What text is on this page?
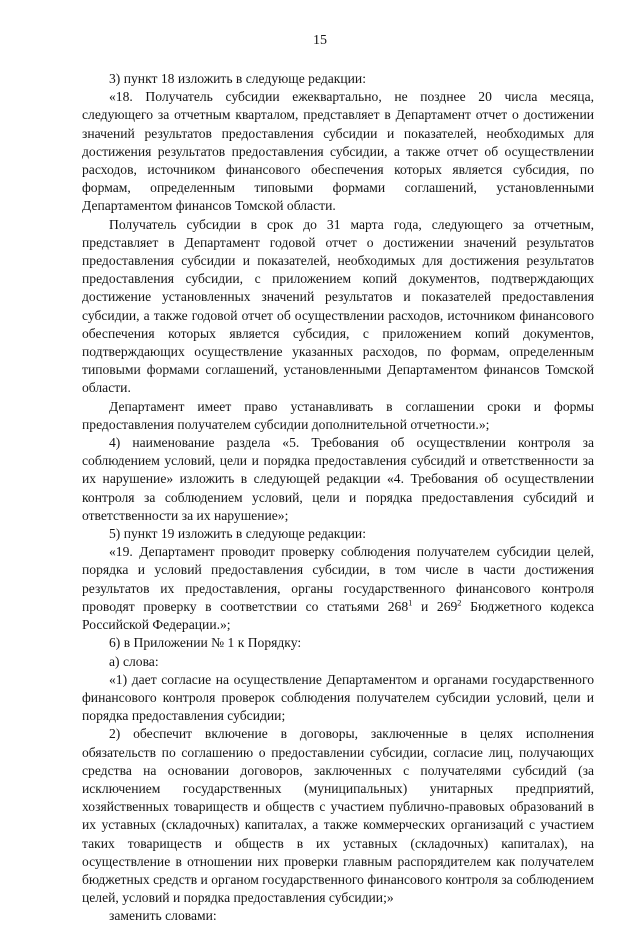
15

3) пункт 18 изложить в следующе редакции:

«18. Получатель субсидии ежеквартально, не позднее 20 числа месяца, следующего за отчетным кварталом, представляет в Департамент отчет о достижении значений результатов предоставления субсидии и показателей, необходимых для достижения результатов предоставления субсидии, а также отчет об осуществлении расходов, источником финансового обеспечения которых является субсидия, по формам, определенным типовыми формами соглашений, установленными Департаментом финансов Томской области.

Получатель субсидии в срок до 31 марта года, следующего за отчетным, представляет в Департамент годовой отчет о достижении значений результатов предоставления субсидии и показателей, необходимых для достижения результатов предоставления субсидии, с приложением копий документов, подтверждающих достижение установленных значений результатов и показателей предоставления субсидии, а также годовой отчет об осуществлении расходов, источником финансового обеспечения которых является субсидия, с приложением копий документов, подтверждающих осуществление указанных расходов, по формам, определенным типовыми формами соглашений, установленными Департаментом финансов Томской области.

Департамент имеет право устанавливать в соглашении сроки и формы предоставления получателем субсидии дополнительной отчетности.»;

4) наименование раздела «5. Требования об осуществлении контроля за соблюдением условий, цели и порядка предоставления субсидий и ответственности за их нарушение» изложить в следующей редакции «4. Требования об осуществлении контроля за соблюдением условий, цели и порядка предоставления субсидий и ответственности за их нарушение»;

5) пункт 19 изложить в следующе редакции:

«19. Департамент проводит проверку соблюдения получателем субсидии целей, порядка и условий предоставления субсидии, в том числе в части достижения результатов их предоставления, органы государственного финансового контроля проводят проверку в соответствии со статьями $268^1$ и $269^2$ Бюджетного кодекса Российской Федерации.»;

6) в Приложении № 1 к Порядку:

а) слова:

«1) дает согласие на осуществление Департаментом и органами государственного финансового контроля проверок соблюдения получателем субсидии условий, цели и порядка предоставления субсидии;

2) обеспечит включение в договоры, заключенные в целях исполнения обязательств по соглашению о предоставлении субсидии, согласие лиц, получающих средства на основании договоров, заключенных с получателями субсидий (за исключением государственных (муниципальных) унитарных предприятий, хозяйственных товариществ и обществ с участием публично-правовых образований в их уставных (складочных) капиталах, а также коммерческих организаций с участием таких товариществ и обществ в их уставных (складочных) капиталах), на осуществление в отношении них проверки главным распорядителем как получателем бюджетных средств и органом государственного финансового контроля за соблюдением целей, условий и порядка предоставления субсидии;»

заменить словами:
